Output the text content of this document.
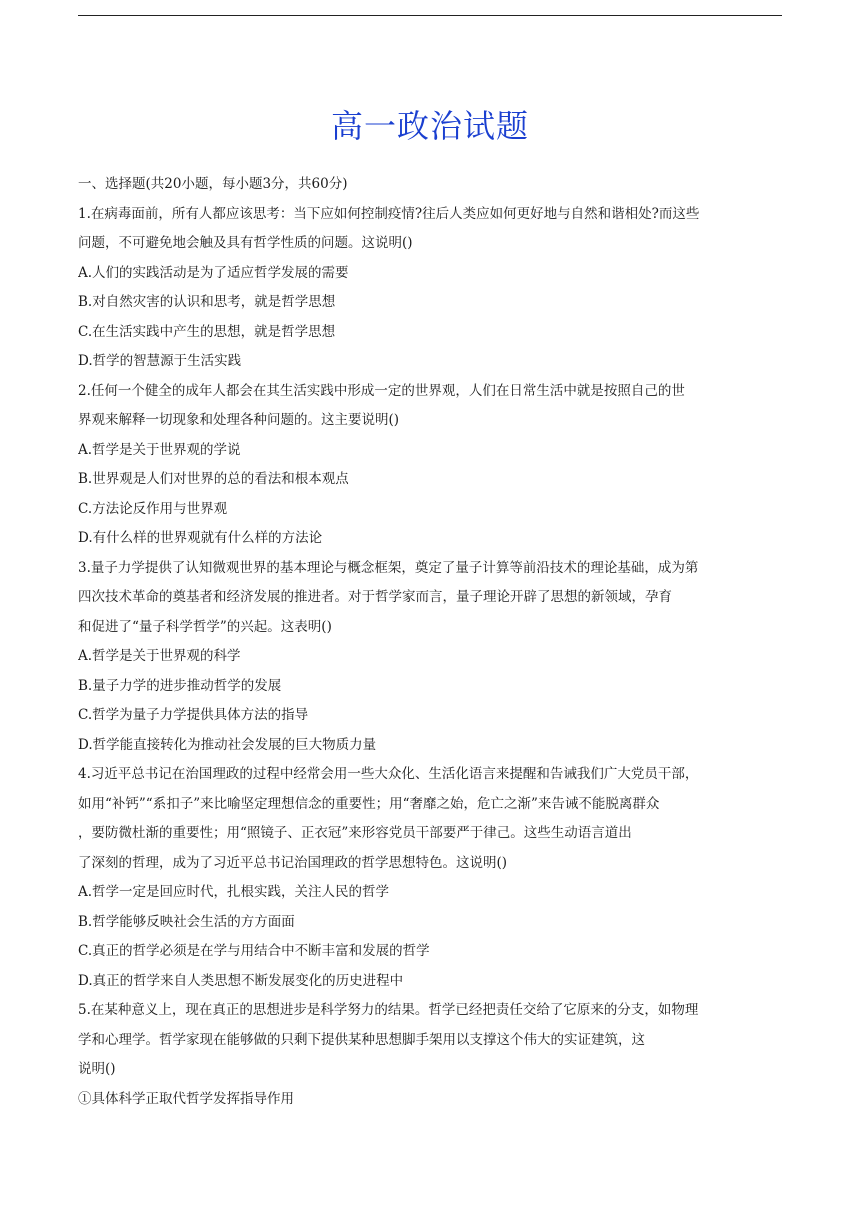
高一政治试题
一、选择题(共20小题，每小题3分，共60分)
1.在病毒面前，所有人都应该思考：当下应如何控制疫情?往后人类应如何更好地与自然和谐相处?而这些
问题，不可避免地会触及具有哲学性质的问题。这说明()
A.人们的实践活动是为了适应哲学发展的需要
B.对自然灾害的认识和思考，就是哲学思想
C.在生活实践中产生的思想，就是哲学思想
D.哲学的智慧源于生活实践
2.任何一个健全的成年人都会在其生活实践中形成一定的世界观，人们在日常生活中就是按照自己的世
界观来解释一切现象和处理各种问题的。这主要说明()
A.哲学是关于世界观的学说
B.世界观是人们对世界的总的看法和根本观点
C.方法论反作用与世界观
D.有什么样的世界观就有什么样的方法论
3.量子力学提供了认知微观世界的基本理论与概念框架，奠定了量子计算等前沿技术的理论基础，成为第
四次技术革命的奠基者和经济发展的推进者。对于哲学家而言，量子理论开辟了思想的新领域，孕育
和促进了“量子科学哲学”的兴起。这表明()
A.哲学是关于世界观的科学
B.量子力学的进步推动哲学的发展
C.哲学为量子力学提供具体方法的指导
D.哲学能直接转化为推动社会发展的巨大物质力量
4.习近平总书记在治国理政的过程中经常会用一些大众化、生活化语言来提醒和告诫我们广大党员干部，
如用“补钙”“系扣子”来比喻坚定理想信念的重要性；用“奢靡之始，危亡之渐”来告诫不能脱离群众
，要防微杜渐的重要性；用“照镜子、正衣冠”来形容党员干部要严于律己。这些生动语言道出
了深刻的哲理，成为了习近平总书记治国理政的哲学思想特色。这说明()
A.哲学一定是回应时代，扎根实践，关注人民的哲学
B.哲学能够反映社会生活的方方面面
C.真正的哲学必须是在学与用结合中不断丰富和发展的哲学
D.真正的哲学来自人类思想不断发展变化的历史进程中
5.在某种意义上，现在真正的思想进步是科学努力的结果。哲学已经把责任交给了它原来的分支，如物理
学和心理学。哲学家现在能够做的只剩下提供某种思想脚手架用以支撑这个伟大的实证建筑，这
说明()
①具体科学正取代哲学发挥指导作用
